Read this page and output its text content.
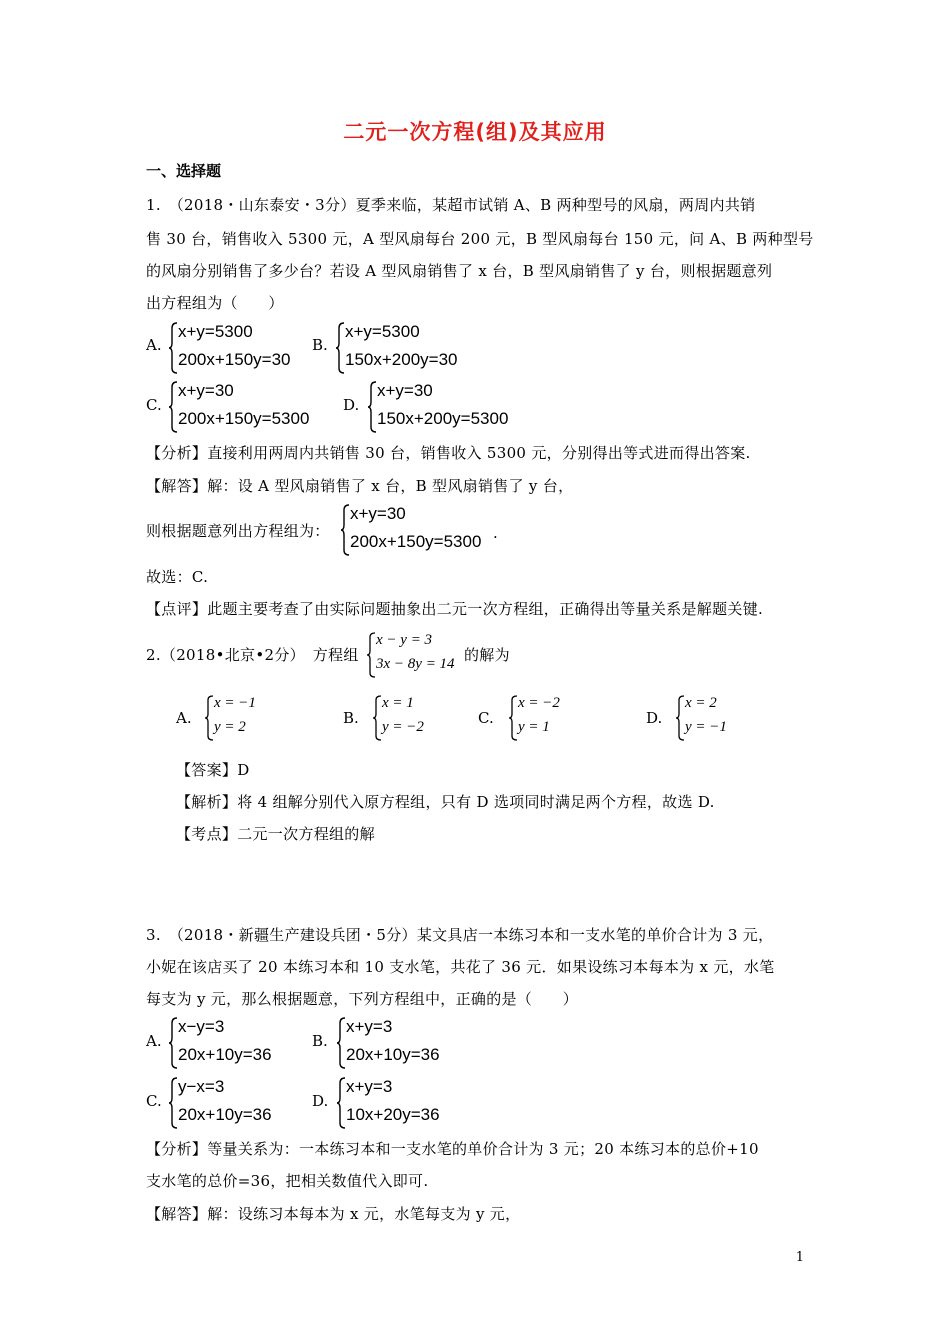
二元一次方程(组)及其应用
一、选择题
1.　（2018・山东泰安・3分）夏季来临，某超市试销 A、B 两种型号的风扇，两周内共销
售 30 台，销售收入 5300 元，A 型风扇每台 200 元，B 型风扇每台 150 元，问 A、B 两种型号
的风扇分别销售了多少台？若设 A 型风扇销售了 x 台，B 型风扇销售了 y 台，则根据题意列
出方程组为（　　）
A.
x+y=5300
200x+150y=30
B.
x+y=5300
150x+200y=30
C.
x+y=30
200x+150y=5300
D.
x+y=30
150x+200y=5300
【分析】直接利用两周内共销售 30 台，销售收入 5300 元，分别得出等式进而得出答案.
【解答】解：设 A 型风扇销售了 x 台，B 型风扇销售了 y 台，
则根据题意列出方程组为：
x+y=30
200x+150y=5300 .
故选：C.
【点评】此题主要考查了由实际问题抽象出二元一次方程组，正确得出等量关系是解题关键.
2.（2018•北京•2分）　方程组
x − y = 3
3x − 8y = 14 的解为
A.
x = −1
y = 2	B.
x = 1
y = −2	C.
x = −2
y = 1	D.
x = 2
y = −1
【答案】D
【解析】将 4 组解分别代入原方程组，只有 D 选项同时满足两个方程，故选 D.
【考点】二元一次方程组的解
3.　（2018・新疆生产建设兵团・5分）某文具店一本练习本和一支水笔的单价合计为 3 元，
小妮在该店买了 20 本练习本和 10 支水笔，共花了 36 元．如果设练习本每本为 x 元，水笔
每支为 y 元，那么根据题意，下列方程组中，正确的是（　　）
A.
x−y=3
20x+10y=36
B.
x+y=3
20x+10y=36
C.
y−x=3
20x+10y=36
D.
x+y=3
10x+20y=36
【分析】等量关系为：一本练习本和一支水笔的单价合计为 3 元；20 本练习本的总价+10
支水笔的总价=36，把相关数值代入即可.
【解答】解：设练习本每本为 x 元，水笔每支为 y 元，
1
